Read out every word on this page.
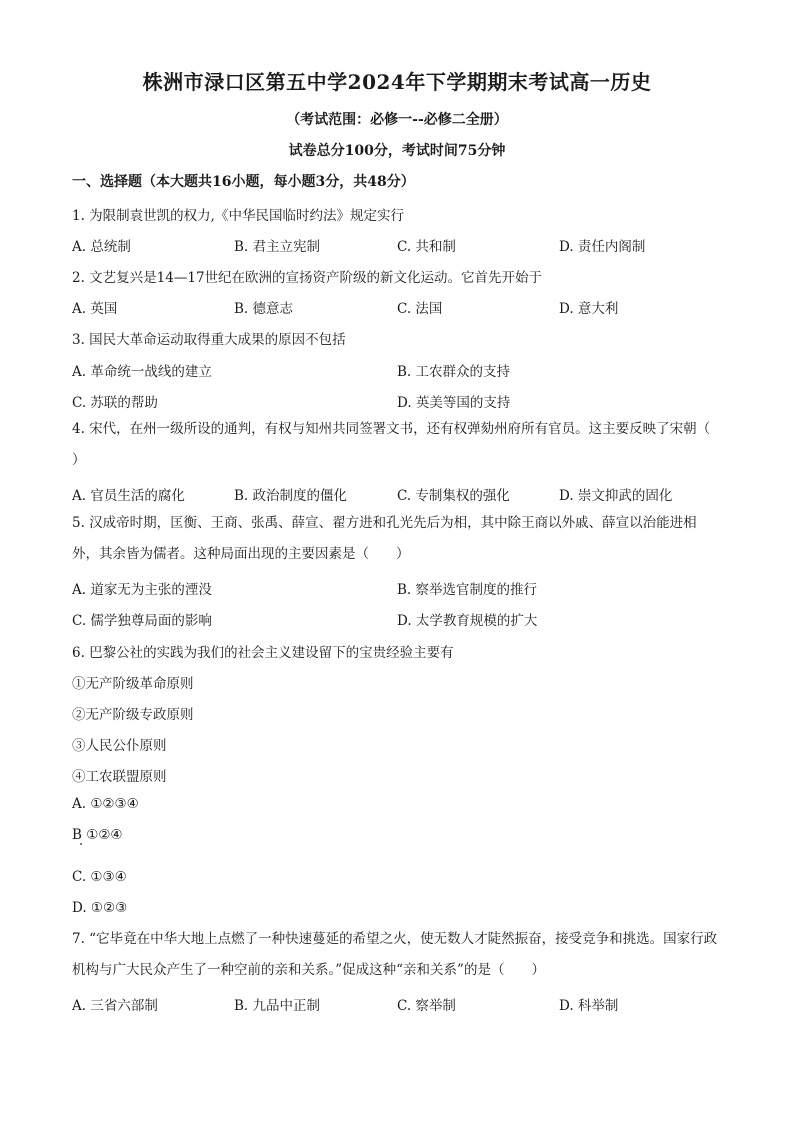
株洲市渌口区第五中学2024年下学期期末考试高一历史
（考试范围：必修一--必修二全册）
试卷总分100分，考试时间75分钟
一、选择题（本大题共16小题，每小题3分，共48分）
1. 为限制袁世凯的权力,《中华民国临时约法》规定实行
A. 总统制	B. 君主立宪制	C. 共和制	D. 责任内阁制
2. 文艺复兴是14—17世纪在欧洲的宣扬资产阶级的新文化运动。它首先开始于
A. 英国	B. 德意志	C. 法国	D. 意大利
3. 国民大革命运动取得重大成果的原因不包括
A. 革命统一战线的建立	B. 工农群众的支持
C. 苏联的帮助	D. 英美等国的支持
4. 宋代，在州一级所设的通判，有权与知州共同签署文书，还有权弹劾州府所有官员。这主要反映了宋朝（　 ）
A. 官员生活的腐化	B. 政治制度的僵化	C. 专制集权的强化	D. 崇文抑武的固化
5. 汉成帝时期，匡衡、王商、张禹、薛宣、翟方进和孔光先后为相，其中除王商以外戚、薛宣以治能进相外，其余皆为儒者。这种局面出现的主要因素是（　　）
A. 道家无为主张的湮没	B. 察举选官制度的推行
C. 儒学独尊局面的影响	D. 太学教育规模的扩大
6. 巴黎公社的实践为我们的社会主义建设留下的宝贵经验主要有
①无产阶级革命原则
②无产阶级专政原则
③人民公仆原则
④工农联盟原则
A. ①②③④
B ①②④
C. ①③④
D. ①②③
7. “它毕竟在中华大地上点燃了一种快速蔓延的希望之火，使无数人才陡然振奋，接受竞争和挑选。国家行政机构与广大民众产生了一种空前的亲和关系。”促成这种“亲和关系”的是（　　）
A. 三省六部制	B. 九品中正制	C. 察举制	D. 科举制
